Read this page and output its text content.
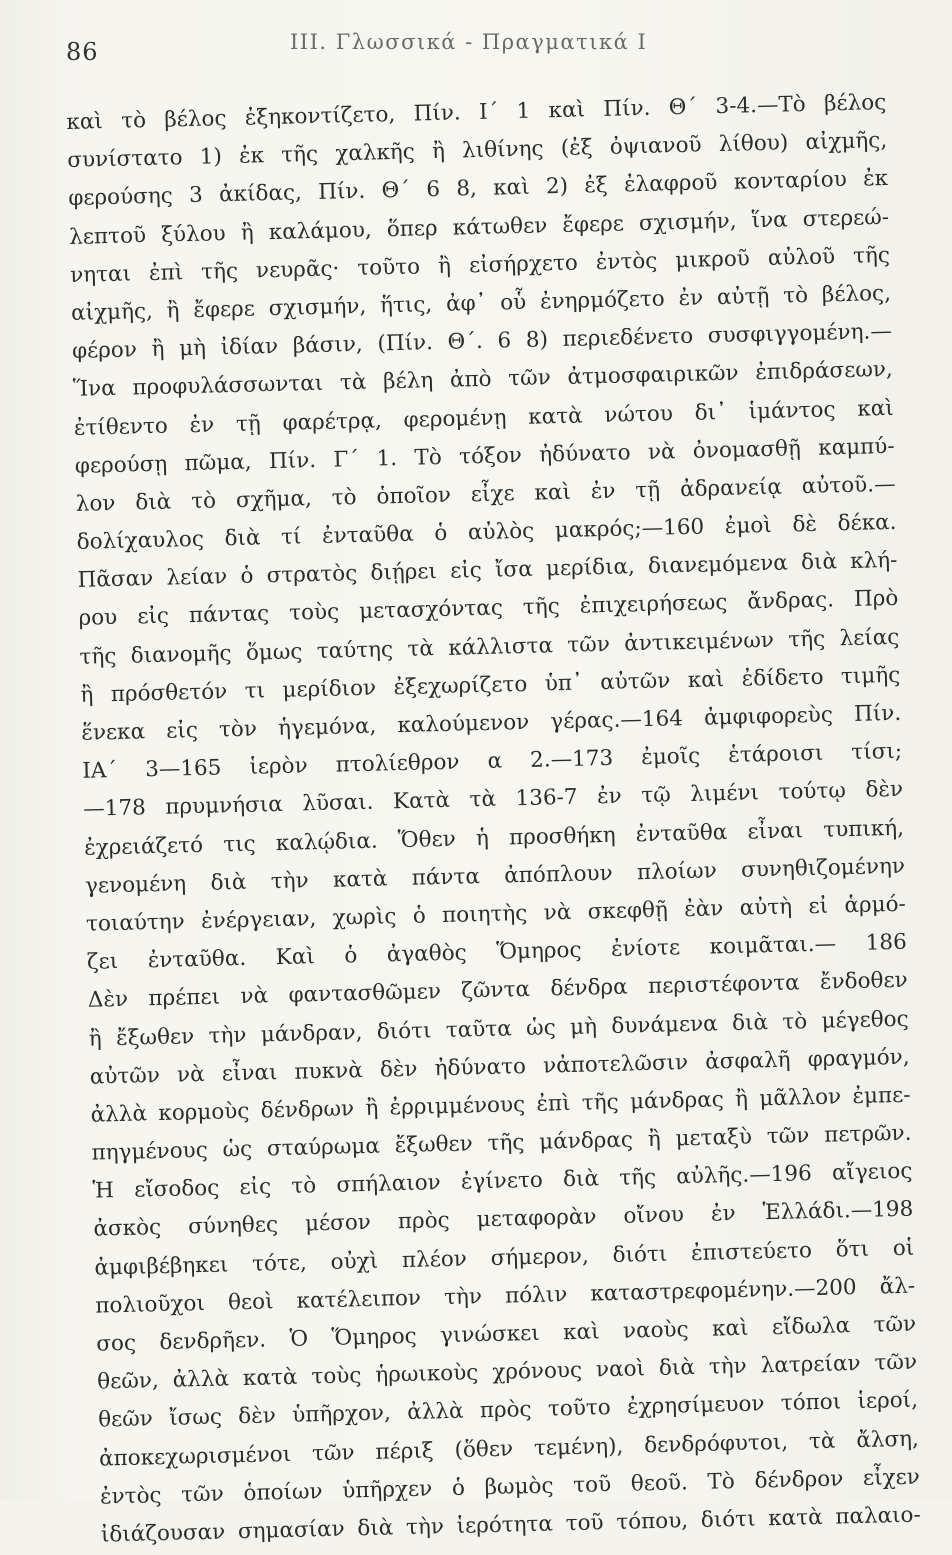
86	ΙΙΙ. Γλωσσικά - Πραγματικά Ι
καὶ τὸ βέλος ἐξηκοντίζετο, Πίν. Ι΄ 1 καὶ Πίν. Θ΄ 3-4.—Τὸ βέλος
συνίστατο 1) ἐκ τῆς χαλκῆς ἢ λιθίνης (ἐξ ὀψιανοῦ λίθου) αἰχμῆς,
φερούσης 3 ἀκίδας, Πίν. Θ΄ 6 8, καὶ 2) ἐξ ἐλαφροῦ κονταρίου ἐκ
λεπτοῦ ξύλου ἢ καλάμου, ὅπερ κάτωθεν ἔφερε σχισμήν, ἵνα στερεώ-
νηται ἐπὶ τῆς νευρᾶς· τοῦτο ἢ εἰσήρχετο ἐντὸς μικροῦ αὐλοῦ τῆς
αἰχμῆς, ἢ ἔφερε σχισμήν, ἥτις, ἀφ᾽ οὗ ἐνηρμόζετο ἐν αὐτῇ τὸ βέλος,
φέρον ἢ μὴ ἰδίαν βάσιν, (Πίν. Θ΄. 6 8) περιεδένετο συσφιγγομένη.—
Ἵνα προφυλάσσωνται τὰ βέλη ἀπὸ τῶν ἀτμοσφαιρικῶν ἐπιδράσεων,
ἐτίθεντο ἐν τῇ φαρέτρᾳ, φερομένῃ κατὰ νώτου δι᾽ ἱμάντος καὶ
φερούσῃ πῶμα, Πίν. Γ΄ 1. Τὸ τόξον ἠδύνατο νὰ ὀνομασθῇ καμπύ-
λον διὰ τὸ σχῆμα, τὸ ὁποῖον εἶχε καὶ ἐν τῇ ἀδρανείᾳ αὐτοῦ.—
δολίχαυλος διὰ τί ἐνταῦθα ὁ αὐλὸς μακρός;—160 ἐμοὶ δὲ δέκα.
Πᾶσαν λείαν ὁ στρατὸς διῄρει εἰς ἴσα μερίδια, διανεμόμενα διὰ κλή-
ρου εἰς πάντας τοὺς μετασχόντας τῆς ἐπιχειρήσεως ἄνδρας. Πρὸ
τῆς διανομῆς ὅμως ταύτης τὰ κάλλιστα τῶν ἀντικειμένων τῆς λείας
ἢ πρόσθετόν τι μερίδιον ἐξεχωρίζετο ὑπ᾽ αὐτῶν καὶ ἐδίδετο τιμῆς
ἕνεκα εἰς τὸν ἡγεμόνα, καλούμενον γέρας.—164 ἀμφιφορεὺς Πίν.
ΙΑ΄ 3—165 ἱερὸν πτολίεθρον α 2.—173 ἐμοῖς ἑτάροισι τίσι;
—178 πρυμνήσια λῦσαι. Κατὰ τὰ 136-7 ἐν τῷ λιμένι τούτῳ δὲν
ἐχρειάζετό τις καλῴδια. Ὅθεν ἡ προσθήκη ἐνταῦθα εἶναι τυπική,
γενομένη διὰ τὴν κατὰ πάντα ἀπόπλουν πλοίων συνηθιζομένην
τοιαύτην ἐνέργειαν, χωρὶς ὁ ποιητὴς νὰ σκεφθῇ ἐὰν αὐτὴ εἰ ἁρμό-
ζει ἐνταῦθα. Καὶ ὁ ἀγαθὸς Ὅμηρος ἐνίοτε κοιμᾶται.— 186
Δὲν πρέπει νὰ φαντασθῶμεν ζῶντα δένδρα περιστέφοντα ἔνδοθεν
ἢ ἔξωθεν τὴν μάνδραν, διότι ταῦτα ὡς μὴ δυνάμενα διὰ τὸ μέγεθος
αὐτῶν νὰ εἶναι πυκνὰ δὲν ἠδύνατο νἀποτελῶσιν ἀσφαλῆ φραγμόν,
ἀλλὰ κορμοὺς δένδρων ἢ ἐρριμμένους ἐπὶ τῆς μάνδρας ἢ μᾶλλον ἐμπε-
πηγμένους ὡς σταύρωμα ἔξωθεν τῆς μάνδρας ἢ μεταξὺ τῶν πετρῶν.
Ἡ εἴσοδος εἰς τὸ σπήλαιον ἐγίνετο διὰ τῆς αὐλῆς.—196 αἴγειος
ἀσκὸς σύνηθες μέσον πρὸς μεταφορὰν οἴνου ἐν Ἑλλάδι.—198
ἀμφιβέβηκει τότε, οὐχὶ πλέον σήμερον, διότι ἐπιστεύετο ὅτι οἱ
πολιοῦχοι θεοὶ κατέλειπον τὴν πόλιν καταστρεφομένην.—200 ἄλ-
σος δενδρῆεν. Ὁ Ὅμηρος γινώσκει καὶ ναοὺς καὶ εἴδωλα τῶν
θεῶν, ἀλλὰ κατὰ τοὺς ἡρωικοὺς χρόνους ναοὶ διὰ τὴν λατρείαν τῶν
θεῶν ἴσως δὲν ὑπῆρχον, ἀλλὰ πρὸς τοῦτο ἐχρησίμευον τόποι ἱεροί,
ἀποκεχωρισμένοι τῶν πέριξ (ὅθεν τεμένη), δενδρόφυτοι, τὰ ἄλση,
ἐντὸς τῶν ὁποίων ὑπῆρχεν ὁ βωμὸς τοῦ θεοῦ. Τὸ δένδρον εἶχεν
ἰδιάζουσαν σημασίαν διὰ τὴν ἱερότητα τοῦ τόπου, διότι κατὰ παλαιο-
